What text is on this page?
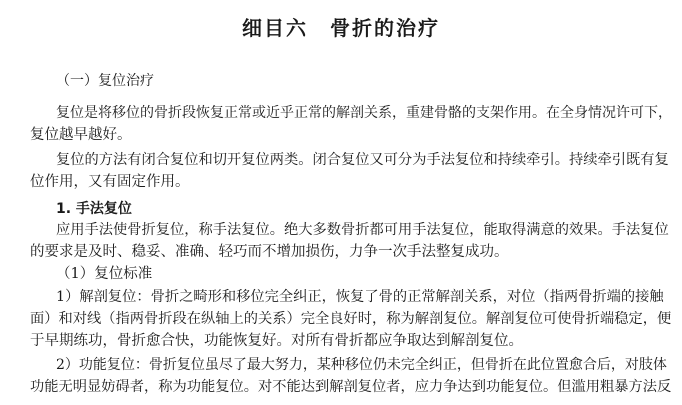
细目六　骨折的治疗
（一）复位治疗
复位是将移位的骨折段恢复正常或近乎正常的解剖关系，重建骨骼的支架作用。在全身情况许可下，
复位越早越好。
复位的方法有闭合复位和切开复位两类。闭合复位又可分为手法复位和持续牵引。持续牵引既有复
位作用，又有固定作用。
1. 手法复位
应用手法使骨折复位，称手法复位。绝大多数骨折都可用手法复位，能取得满意的效果。手法复位
的要求是及时、稳妥、准确、轻巧而不增加损伤，力争一次手法整复成功。
（1）复位标准
1）解剖复位：骨折之畸形和移位完全纠正，恢复了骨的正常解剖关系，对位（指两骨折端的接触
面）和对线（指两骨折段在纵轴上的关系）完全良好时，称为解剖复位。解剖复位可使骨折端稳定，便
于早期练功，骨折愈合快，功能恢复好。对所有骨折都应争取达到解剖复位。
2）功能复位：骨折复位虽尽了最大努力，某种移位仍未完全纠正，但骨折在此位置愈合后，对肢体
功能无明显妨碍者，称为功能复位。对不能达到解剖复位者，应力争达到功能复位。但滥用粗暴方法反
